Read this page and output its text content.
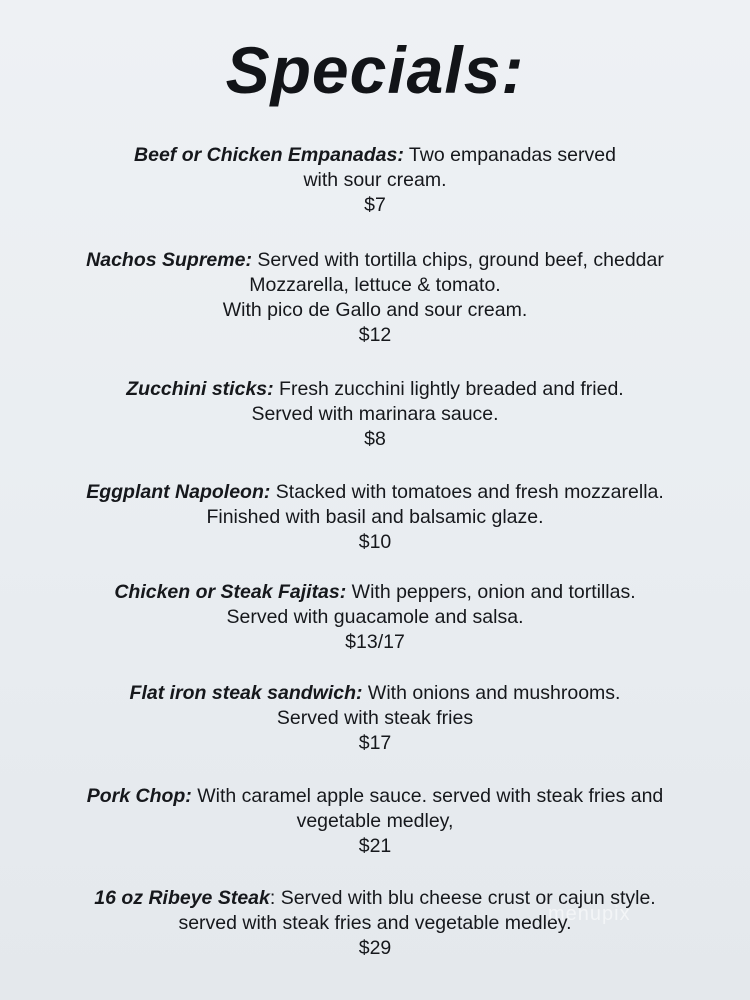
Specials:
Beef or Chicken Empanadas: Two empanadas served
with sour cream.
$7
Nachos Supreme: Served with tortilla chips, ground beef, cheddar
Mozzarella, lettuce & tomato.
With pico de Gallo and sour cream.
$12
Zucchini sticks: Fresh zucchini lightly breaded and fried.
Served with marinara sauce.
$8
Eggplant Napoleon: Stacked with tomatoes and fresh mozzarella.
Finished with basil and balsamic glaze.
$10
Chicken or Steak Fajitas: With peppers, onion and tortillas.
Served with guacamole and salsa.
$13/17
Flat iron steak sandwich: With onions and mushrooms.
Served with steak fries
$17
Pork Chop: With caramel apple sauce. served with steak fries and
vegetable medley,
$21
16 oz Ribeye Steak: Served with blu cheese crust or cajun style.
served with steak fries and vegetable medley.
$29
menupix
